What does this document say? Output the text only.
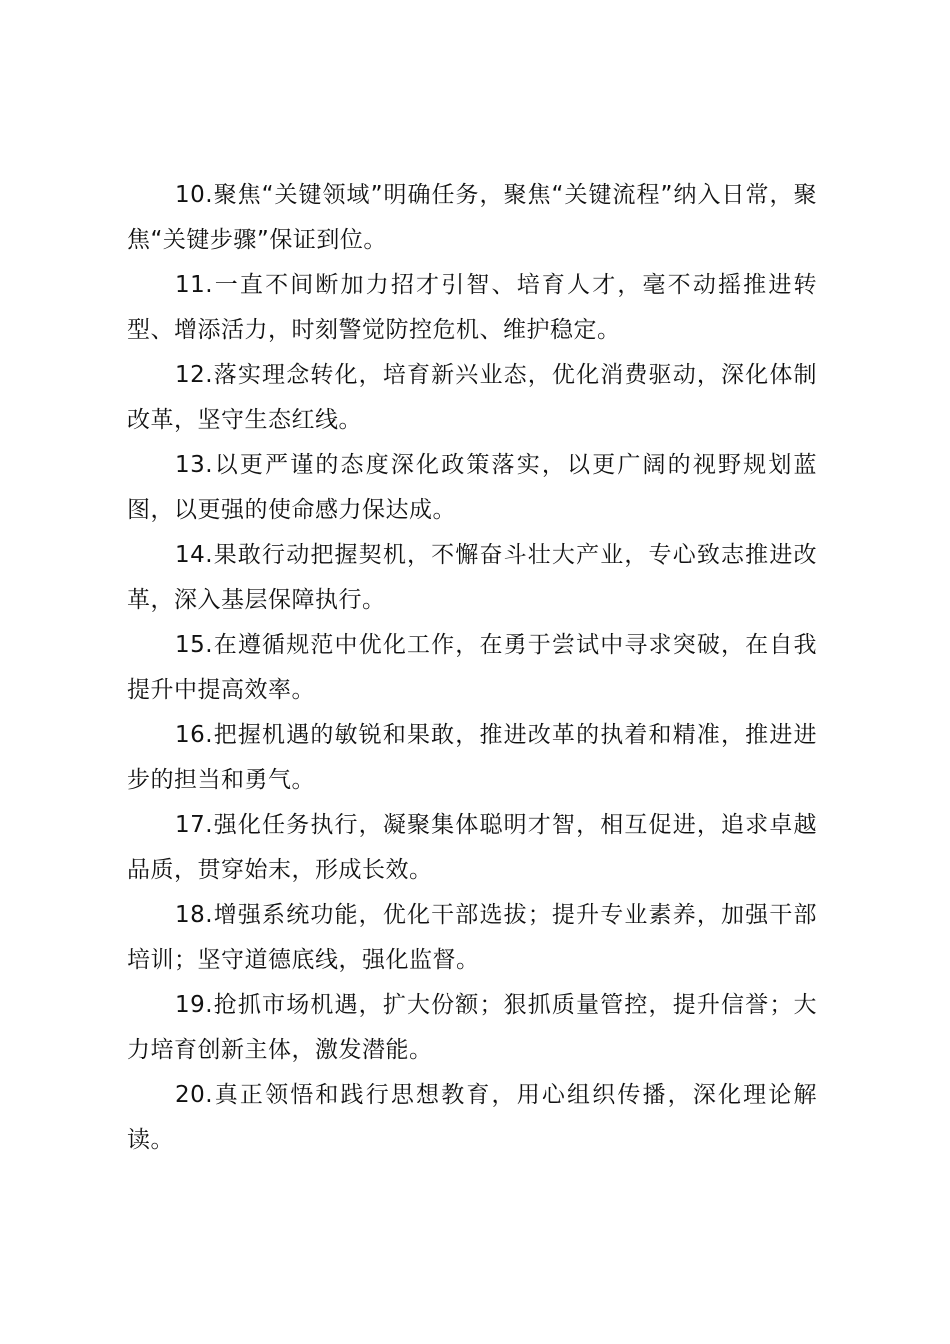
10.聚焦“关键领域”明确任务，聚焦“关键流程”纳入日常，聚焦“关键步骤”保证到位。

11.一直不间断加力招才引智、培育人才，毫不动摇推进转型、增添活力，时刻警觉防控危机、维护稳定。

12.落实理念转化，培育新兴业态，优化消费驱动，深化体制改革，坚守生态红线。

13.以更严谨的态度深化政策落实，以更广阔的视野规划蓝图，以更强的使命感力保达成。

14.果敢行动把握契机，不懈奋斗壮大产业，专心致志推进改革，深入基层保障执行。

15.在遵循规范中优化工作，在勇于尝试中寻求突破，在自我提升中提高效率。

16.把握机遇的敏锐和果敢，推进改革的执着和精准，推进进步的担当和勇气。

17.强化任务执行，凝聚集体聪明才智，相互促进，追求卓越品质，贯穿始末，形成长效。

18.增强系统功能，优化干部选拔；提升专业素养，加强干部培训；坚守道德底线，强化监督。

19.抢抓市场机遇，扩大份额；狠抓质量管控，提升信誉；大力培育创新主体，激发潜能。

20.真正领悟和践行思想教育，用心组织传播，深化理论解读。
